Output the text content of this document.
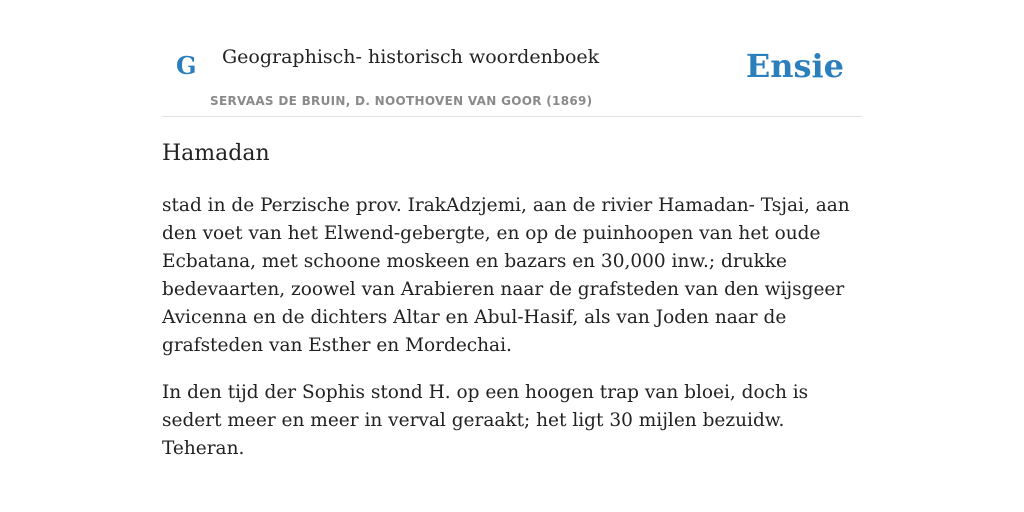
G Geographisch- historisch woordenboek
SERVAAS DE BRUIN, D. NOOTHOVEN VAN GOOR (1869)
Ensie
Hamadan

stad in de Perzische prov. IrakAdzjemi, aan de rivier Hamadan- Tsjai, aan den voet van het Elwend-gebergte, en op de puinhoopen van het oude Ecbatana, met schoone moskeen en bazars en 30,000 inw.; drukke bedevaarten, zoowel van Arabieren naar de grafsteden van den wijsgeer Avicenna en de dichters Altar en Abul-Hasif, als van Joden naar de grafsteden van Esther en Mordechai.

In den tijd der Sophis stond H. op een hoogen trap van bloei, doch is sedert meer en meer in verval geraakt; het ligt 30 mijlen bezuidw. Teheran.
